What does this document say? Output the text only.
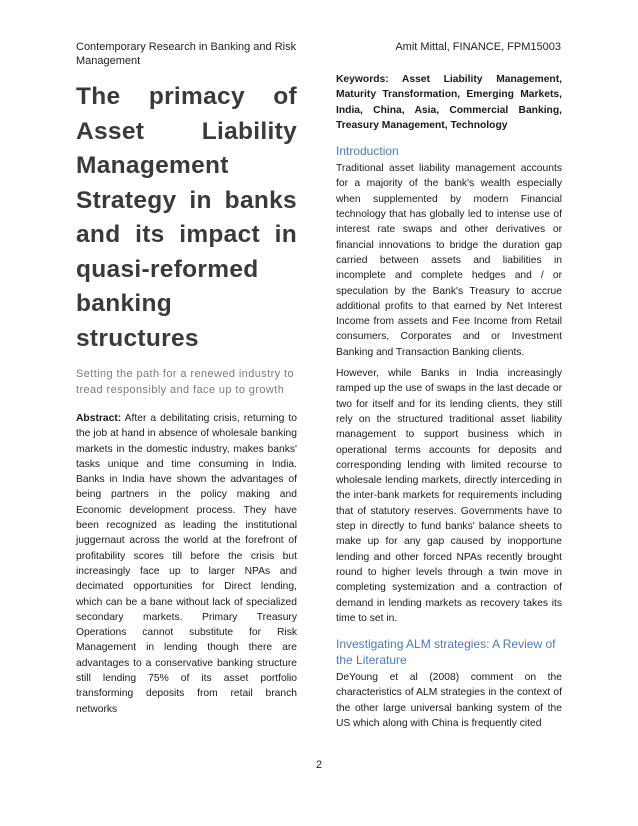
Contemporary Research in Banking and Risk Management
Amit Mittal, FINANCE, FPM15003
The primacy of Asset Liability Management Strategy in banks and its impact in quasi-reformed banking structures
Setting the path for a renewed industry to tread responsibly and face up to growth

Abstract: After a debilitating crisis, returning to the job at hand in absence of wholesale banking markets in the domestic industry, makes banks' tasks unique and time consuming in India. Banks in India have shown the advantages of being partners in the policy making and Economic development process. They have been recognized as leading the institutional juggernaut across the world at the forefront of profitability scores till before the crisis but increasingly face up to larger NPAs and decimated opportunities for Direct lending, which can be a bane without lack of specialized secondary markets. Primary Treasury Operations cannot substitute for Risk Management in lending though there are advantages to a conservative banking structure still lending 75% of its asset portfolio transforming deposits from retail branch networks

Keywords: Asset Liability Management, Maturity Transformation, Emerging Markets, India, China, Asia, Commercial Banking, Treasury Management, Technology

Introduction

Traditional asset liability management accounts for a majority of the bank's wealth especially when supplemented by modern Financial technology that has globally led to intense use of interest rate swaps and other derivatives or financial innovations to bridge the duration gap carried between assets and liabilities in incomplete and complete hedges and / or speculation by the Bank's Treasury to accrue additional profits to that earned by Net Interest Income from assets and Fee Income from Retail consumers, Corporates and or Investment Banking and Transaction Banking clients.

However, while Banks in India increasingly ramped up the use of swaps in the last decade or two for itself and for its lending clients, they still rely on the structured traditional asset liability management to support business which in operational terms accounts for deposits and corresponding lending with limited recourse to wholesale lending markets, directly interceding in the inter-bank markets for requirements including that of statutory reserves. Governments have to step in directly to fund banks' balance sheets to make up for any gap caused by inopportune lending and other forced NPAs recently brought round to higher levels through a twin move in completing systemization and a contraction of demand in lending markets as recovery takes its time to set in.

Investigating ALM strategies: A Review of the Literature

DeYoung et al (2008) comment on the characteristics of ALM strategies in the context of the other large universal banking system of the US which along with China is frequently cited

2
